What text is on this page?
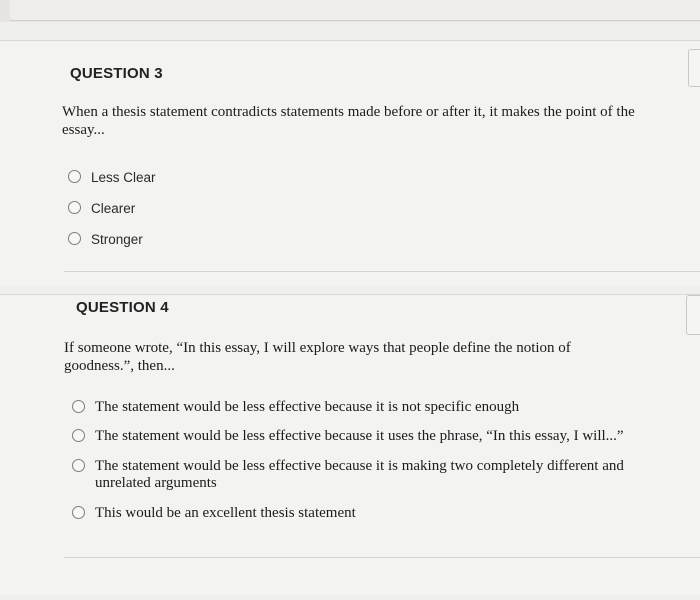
QUESTION 3
When a thesis statement contradicts statements made before or after it, it makes the point of the essay...
Less Clear
Clearer
Stronger
QUESTION 4
If someone wrote, “In this essay, I will explore ways that people define the notion of goodness.”, then...
The statement would be less effective because it is not specific enough
The statement would be less effective because it uses the phrase, “In this essay, I will...”
The statement would be less effective because it is making two completely different and unrelated arguments
This would be an excellent thesis statement
